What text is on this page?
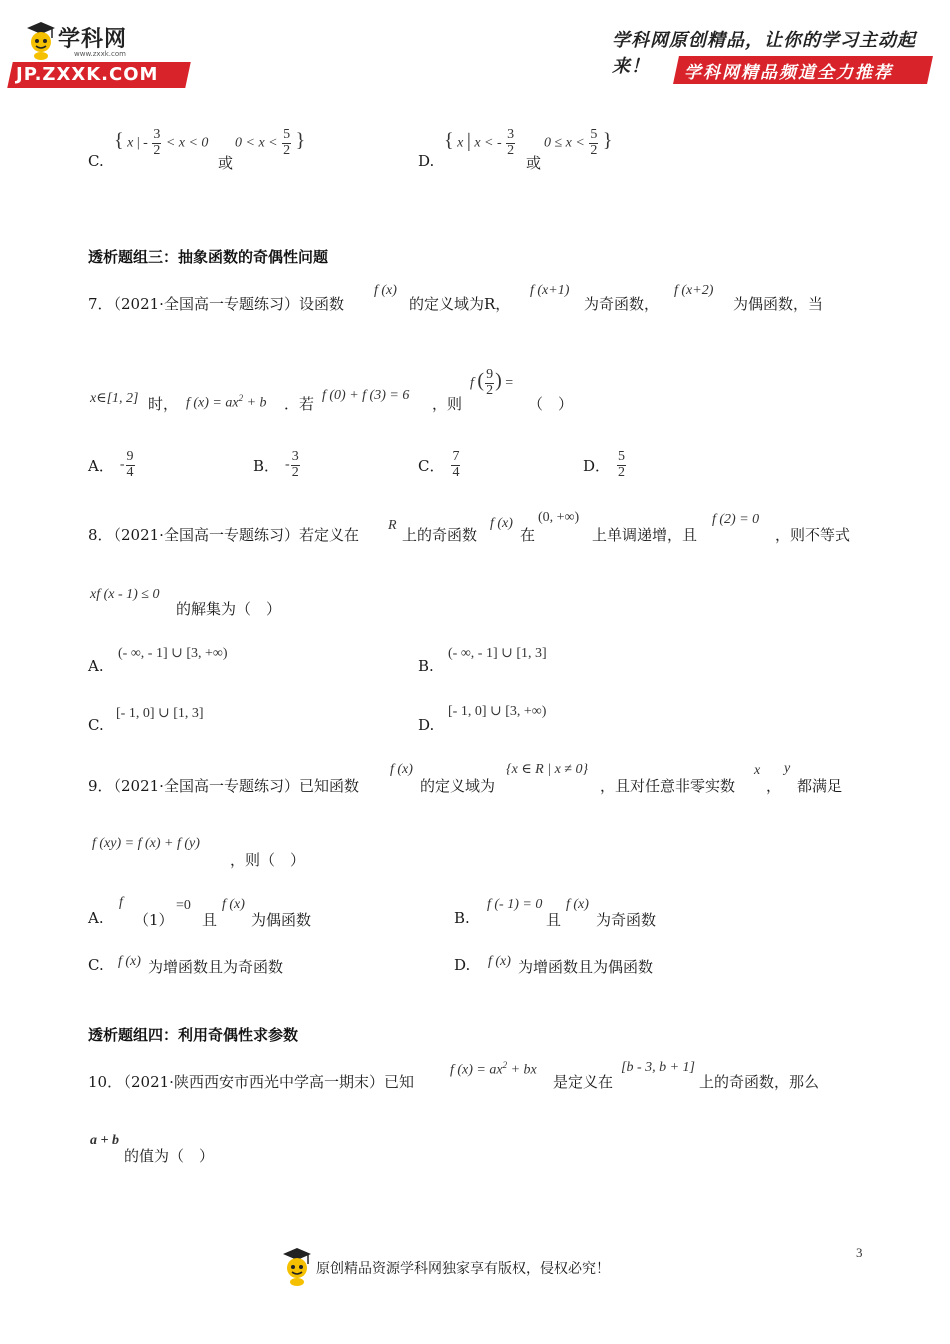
学科网
www.zxxk.com
JP.ZXXK.COM
学科网原创精品，让你的学习主动起来！	学科网精品频道全力推荐
C.
{ x | - $\frac{3}{2} < x < 0$
或
$0 < x < \frac{5}{2}$ }
D.
{ x | x < - $\frac{3}{2}$
或
$0 \le x < \frac{5}{2}$ }
透析题组三：抽象函数的奇偶性问题
7．
（2021·全国高一专题练习）设函数
f (x)
的定义域为R，
f (x+1)
为奇函数，
f (x+2)
为偶函数，当
x∈[1, 2] 时， f $(x) = ax^2 + b$ ．若 f (0) + f (3) = 6 ，则
f ( $\frac{9}{2}$ ) =
（　）
A． - $\frac{9}{4}$	B． - $\frac{3}{2}$	C． $\frac{7}{4}$	D． $\frac{5}{2}$
8．
（2021·全国高一专题练习）若定义在
R
上的奇函数
f (x)
在
(0, +∞)
上单调递增，且
f (2) = 0
，则不等式
xf (x - 1) ≤ 0
的解集为（　）
A.
(- ∞, - 1] ∪ [3, +∞)
B.
(- ∞, - 1] ∪ [1, 3]
C.
[- 1, 0] ∪ [1, 3]
D.
[- 1, 0] ∪ [3, +∞)
9．
（2021·全国高一专题练习）已知函数
f (x)
的定义域为
{x ∈ R | x ≠ 0}
，且对任意非零实数
x
，
y
都满足
f (xy) = f (x) + f (y)
，则（　）
A.
f
（1）
=0
且
f (x)
为偶函数	B.
f (- 1) = 0
且
f (x)
为奇函数
C. f (x) 为增函数且为奇函数	D. f (x) 为增函数且为偶函数
透析题组四：利用奇偶性求参数
10．
（2021·陕西西安市西光中学高一期末）已知
f $(x) = ax^2$ + bx
是定义在
[b - 3, b + 1]
上的奇函数，那么
a + b
的值为（　）
3
原创精品资源学科网独家享有版权，侵权必究！
